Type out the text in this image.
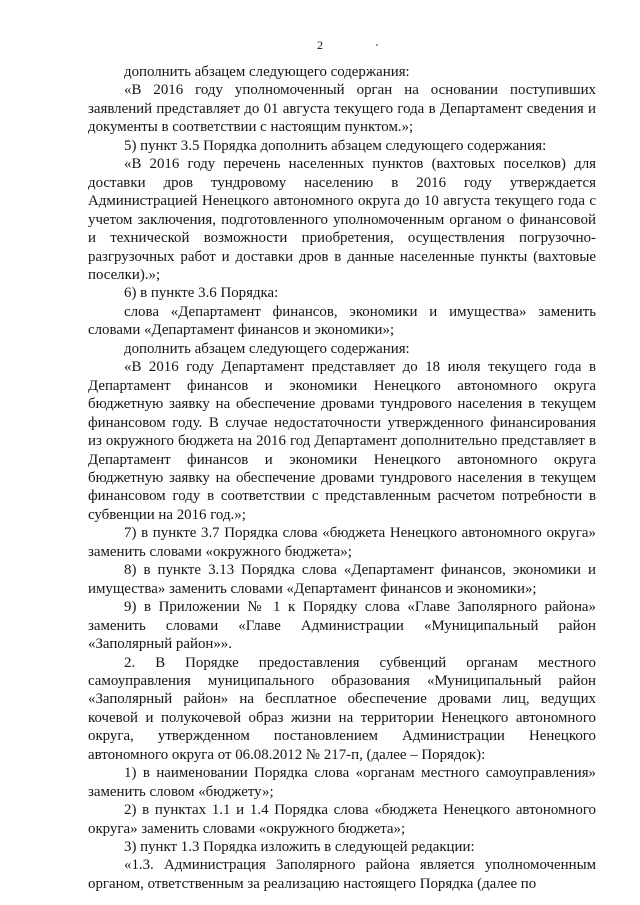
2

дополнить абзацем следующего содержания:

«В 2016 году уполномоченный орган на основании поступивших заявлений представляет до 01 августа текущего года в Департамент сведения и документы в соответствии с настоящим пунктом.»;

5) пункт 3.5 Порядка дополнить абзацем следующего содержания:

«В 2016 году перечень населенных пунктов (вахтовых поселков) для доставки дров тундровому населению в 2016 году утверждается Администрацией Ненецкого автономного округа до 10 августа текущего года с учетом заключения, подготовленного уполномоченным органом о финансовой и технической возможности приобретения, осуществления погрузочно-разгрузочных работ и доставки дров в данные населенные пункты (вахтовые поселки).»;

6) в пункте 3.6 Порядка:

слова «Департамент финансов, экономики и имущества» заменить словами «Департамент финансов и экономики»;

дополнить абзацем следующего содержания:

«В 2016 году Департамент представляет до 18 июля текущего года в Департамент финансов и экономики Ненецкого автономного округа бюджетную заявку на обеспечение дровами тундрового населения в текущем финансовом году. В случае недостаточности утвержденного финансирования из окружного бюджета на 2016 год Департамент дополнительно представляет в Департамент финансов и экономики Ненецкого автономного округа бюджетную заявку на обеспечение дровами тундрового населения в текущем финансовом году в соответствии с представленным расчетом потребности в субвенции на 2016 год.»;

7) в пункте 3.7 Порядка слова «бюджета Ненецкого автономного округа» заменить словами «окружного бюджета»;

8) в пункте 3.13 Порядка слова «Департамент финансов, экономики и имущества» заменить словами «Департамент финансов и экономики»;

9) в Приложении № 1 к Порядку слова «Главе Заполярного района» заменить словами «Главе Администрации «Муниципальный район «Заполярный район»».

2. В Порядке предоставления субвенций органам местного самоуправления муниципального образования «Муниципальный район «Заполярный район» на бесплатное обеспечение дровами лиц, ведущих кочевой и полукочевой образ жизни на территории Ненецкого автономного округа, утвержденном постановлением Администрации Ненецкого автономного округа от 06.08.2012 № 217-п, (далее – Порядок):

1) в наименовании Порядка слова «органам местного самоуправления» заменить словом «бюджету»;

2) в пунктах 1.1 и 1.4 Порядка слова «бюджета Ненецкого автономного округа» заменить словами «окружного бюджета»;

3) пункт 1.3 Порядка изложить в следующей редакции:

«1.3. Администрация Заполярного района является уполномоченным органом, ответственным за реализацию настоящего Порядка (далее по
